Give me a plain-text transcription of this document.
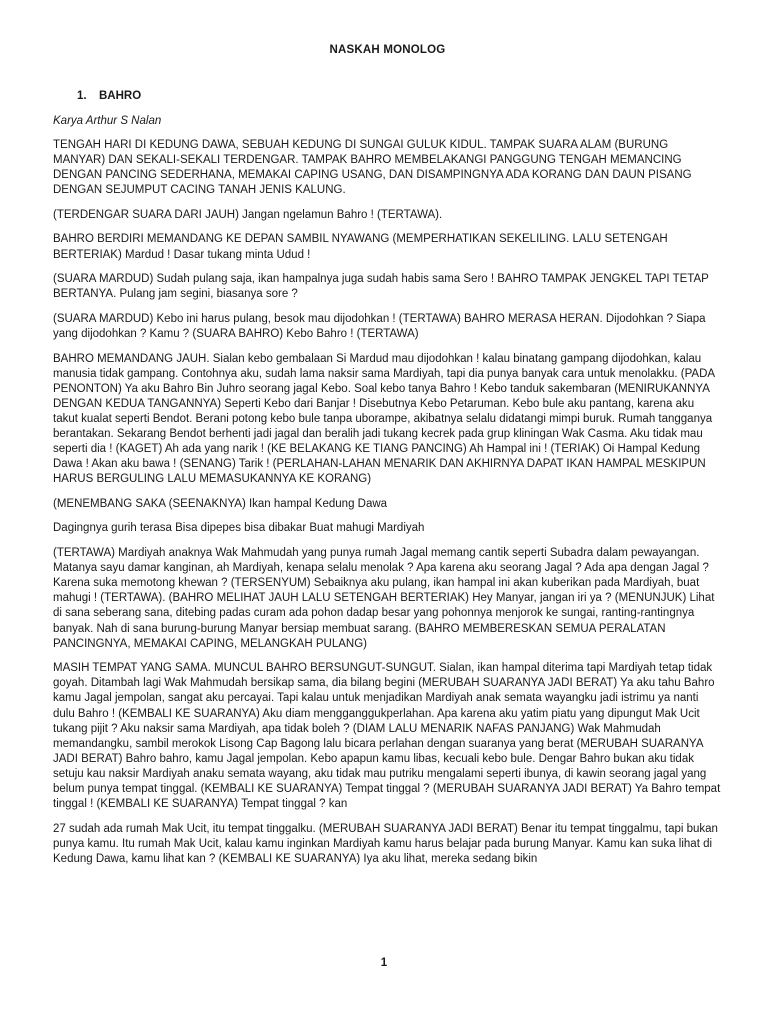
NASKAH MONOLOG
1. BAHRO
Karya Arthur S Nalan
TENGAH HARI DI KEDUNG DAWA, SEBUAH KEDUNG DI SUNGAI GULUK KIDUL. TAMPAK SUARA ALAM (BURUNG MANYAR) DAN SEKALI-SEKALI TERDENGAR. TAMPAK BAHRO MEMBELAKANGI PANGGUNG TENGAH MEMANCING DENGAN PANCING SEDERHANA, MEMAKAI CAPING USANG, DAN DISAMPINGNYA ADA KORANG DAN DAUN PISANG DENGAN SEJUMPUT CACING TANAH JENIS KALUNG.
(TERDENGAR SUARA DARI JAUH) Jangan ngelamun Bahro ! (TERTAWA).
BAHRO BERDIRI MEMANDANG KE DEPAN SAMBIL NYAWANG (MEMPERHATIKAN SEKELILING. LALU SETENGAH BERTERIAK) Mardud ! Dasar tukang minta Udud !
(SUARA MARDUD) Sudah pulang saja, ikan hampalnya juga sudah habis sama Sero ! BAHRO TAMPAK JENGKEL TAPI TETAP BERTANYA. Pulang jam segini, biasanya sore ?
(SUARA MARDUD) Kebo ini harus pulang, besok mau dijodohkan ! (TERTAWA) BAHRO MERASA HERAN. Dijodohkan ? Siapa yang dijodohkan ? Kamu ? (SUARA BAHRO) Kebo Bahro ! (TERTAWA)
BAHRO MEMANDANG JAUH. Sialan kebo gembalaan Si Mardud mau dijodohkan ! kalau binatang gampang dijodohkan, kalau manusia tidak gampang. Contohnya aku, sudah lama naksir sama Mardiyah, tapi dia punya banyak cara untuk menolakku. (PADA PENONTON) Ya aku Bahro Bin Juhro seorang jagal Kebo. Soal kebo tanya Bahro ! Kebo tanduk sakembaran (MENIRUKANNYA DENGAN KEDUA TANGANNYA) Seperti Kebo dari Banjar ! Disebutnya Kebo Petaruman. Kebo bule aku pantang, karena aku takut kualat seperti Bendot. Berani potong kebo bule tanpa uborampe, akibatnya selalu didatangi mimpi buruk. Rumah tangganya berantakan. Sekarang Bendot berhenti jadi jagal dan beralih jadi tukang kecrek pada grup kliningan Wak Casma. Aku tidak mau seperti dia ! (KAGET) Ah ada yang narik ! (KE BELAKANG KE TIANG PANCING) Ah Hampal ini ! (TERIAK) Oi Hampal Kedung Dawa ! Akan aku bawa ! (SENANG) Tarik ! (PERLAHAN-LAHAN MENARIK DAN AKHIRNYA DAPAT IKAN HAMPAL MESKIPUN HARUS BERGULING LALU MEMASUKANNYA KE KORANG)
(MENEMBANG SAKA (SEENAKNYA) Ikan hampal Kedung Dawa
Dagingnya gurih terasa Bisa dipepes bisa dibakar Buat mahugi Mardiyah
(TERTAWA) Mardiyah anaknya Wak Mahmudah yang punya rumah Jagal memang cantik seperti Subadra dalam pewayangan. Matanya sayu damar kanginan, ah Mardiyah, kenapa selalu menolak ? Apa karena aku seorang Jagal ? Ada apa dengan Jagal ? Karena suka memotong khewan ? (TERSENYUM) Sebaiknya aku pulang, ikan hampal ini akan kuberikan pada Mardiyah, buat mahugi ! (TERTAWA). (BAHRO MELIHAT JAUH LALU SETENGAH BERTERIAK) Hey Manyar, jangan iri ya ? (MENUNJUK) Lihat di sana seberang sana, ditebing padas curam ada pohon dadap besar yang pohonnya menjorok ke sungai, ranting-rantingnya banyak. Nah di sana burung-burung Manyar bersiap membuat sarang. (BAHRO MEMBERESKAN SEMUA PERALATAN PANCINGNYA, MEMAKAI CAPING, MELANGKAH PULANG)
MASIH TEMPAT YANG SAMA. MUNCUL BAHRO BERSUNGUT-SUNGUT. Sialan, ikan hampal diterima tapi Mardiyah tetap tidak goyah. Ditambah lagi Wak Mahmudah bersikap sama, dia bilang begini (MERUBAH SUARANYA JADI BERAT) Ya aku tahu Bahro kamu Jagal jempolan, sangat aku percayai. Tapi kalau untuk menjadikan Mardiyah anak semata wayangku jadi istrimu ya nanti dulu Bahro ! (KEMBALI KE SUARANYA) Aku diam mengganggukperlahan. Apa karena aku yatim piatu yang dipungut Mak Ucit tukang pijit ? Aku naksir sama Mardiyah, apa tidak boleh ? (DIAM LALU MENARIK NAFAS PANJANG) Wak Mahmudah memandangku, sambil merokok Lisong Cap Bagong lalu bicara perlahan dengan suaranya yang berat (MERUBAH SUARANYA JADI BERAT) Bahro bahro, kamu Jagal jempolan. Kebo apapun kamu libas, kecuali kebo bule. Dengar Bahro bukan aku tidak setuju kau naksir Mardiyah anaku semata wayang, aku tidak mau putriku mengalami seperti ibunya, di kawin seorang jagal yang belum punya tempat tinggal. (KEMBALI KE SUARANYA) Tempat tinggal ? (MERUBAH SUARANYA JADI BERAT) Ya Bahro tempat tinggal ! (KEMBALI KE SUARANYA) Tempat tinggal ? kan
27 sudah ada rumah Mak Ucit, itu tempat tinggalku. (MERUBAH SUARANYA JADI BERAT) Benar itu tempat tinggalmu, tapi bukan punya kamu. Itu rumah Mak Ucit, kalau kamu inginkan Mardiyah kamu harus belajar pada burung Manyar. Kamu kan suka lihat di Kedung Dawa, kamu lihat kan ? (KEMBALI KE SUARANYA) Iya aku lihat, mereka sedang bikin
1
